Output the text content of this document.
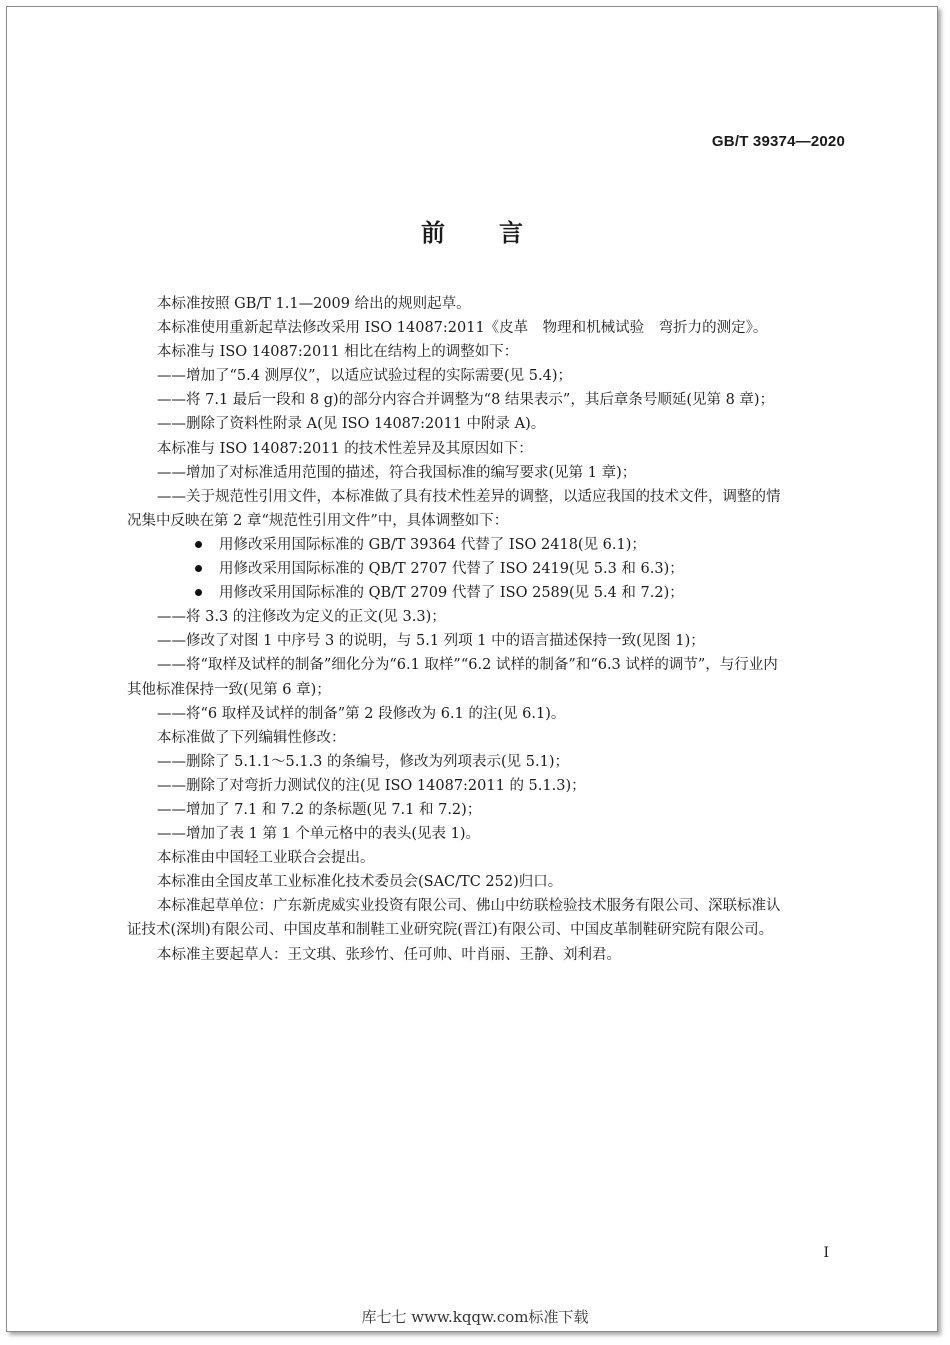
GB/T 39374—2020
前言

本标准按照 GB/T 1.1—2009 给出的规则起草。

本标准使用重新起草法修改采用 ISO 14087:2011《皮革　物理和机械试验　弯折力的测定》。

本标准与 ISO 14087:2011 相比在结构上的调整如下：

——增加了“5.4 测厚仪”，以适应试验过程的实际需要(见 5.4)；

——将 7.1 最后一段和 8 g)的部分内容合并调整为“8 结果表示”，其后章条号顺延(见第 8 章)；

——删除了资料性附录 A(见 ISO 14087:2011 中附录 A)。

本标准与 ISO 14087:2011 的技术性差异及其原因如下：

——增加了对标准适用范围的描述，符合我国标准的编写要求(见第 1 章)；

——关于规范性引用文件，本标准做了具有技术性差异的调整，以适应我国的技术文件，调整的情

况集中反映在第 2 章“规范性引用文件”中，具体调整如下：

用修改采用国际标准的 GB/T 39364 代替了 ISO 2418(见 6.1)；

用修改采用国际标准的 QB/T 2707 代替了 ISO 2419(见 5.3 和 6.3)；

用修改采用国际标准的 QB/T 2709 代替了 ISO 2589(见 5.4 和 7.2)；

——将 3.3 的注修改为定义的正文(见 3.3)；

——修改了对图 1 中序号 3 的说明，与 5.1 列项 1 中的语言描述保持一致(见图 1)；

——将“取样及试样的制备”细化分为“6.1 取样”“6.2 试样的制备”和“6.3 试样的调节”，与行业内

其他标准保持一致(见第 6 章)；

——将“6 取样及试样的制备”第 2 段修改为 6.1 的注(见 6.1)。

本标准做了下列编辑性修改：

——删除了 5.1.1～5.1.3 的条编号，修改为列项表示(见 5.1)；

——删除了对弯折力测试仪的注(见 ISO 14087:2011 的 5.1.3)；

——增加了 7.1 和 7.2 的条标题(见 7.1 和 7.2)；

——增加了表 1 第 1 个单元格中的表头(见表 1)。

本标准由中国轻工业联合会提出。

本标准由全国皮革工业标准化技术委员会(SAC/TC 252)归口。

本标准起草单位：广东新虎威实业投资有限公司、佛山中纺联检验技术服务有限公司、深联标准认

证技术(深圳)有限公司、中国皮革和制鞋工业研究院(晋江)有限公司、中国皮革制鞋研究院有限公司。

本标准主要起草人：王文琪、张珍竹、任可帅、叶肖丽、王静、刘利君。

I
库七七 www.kqqw.com标准下载
